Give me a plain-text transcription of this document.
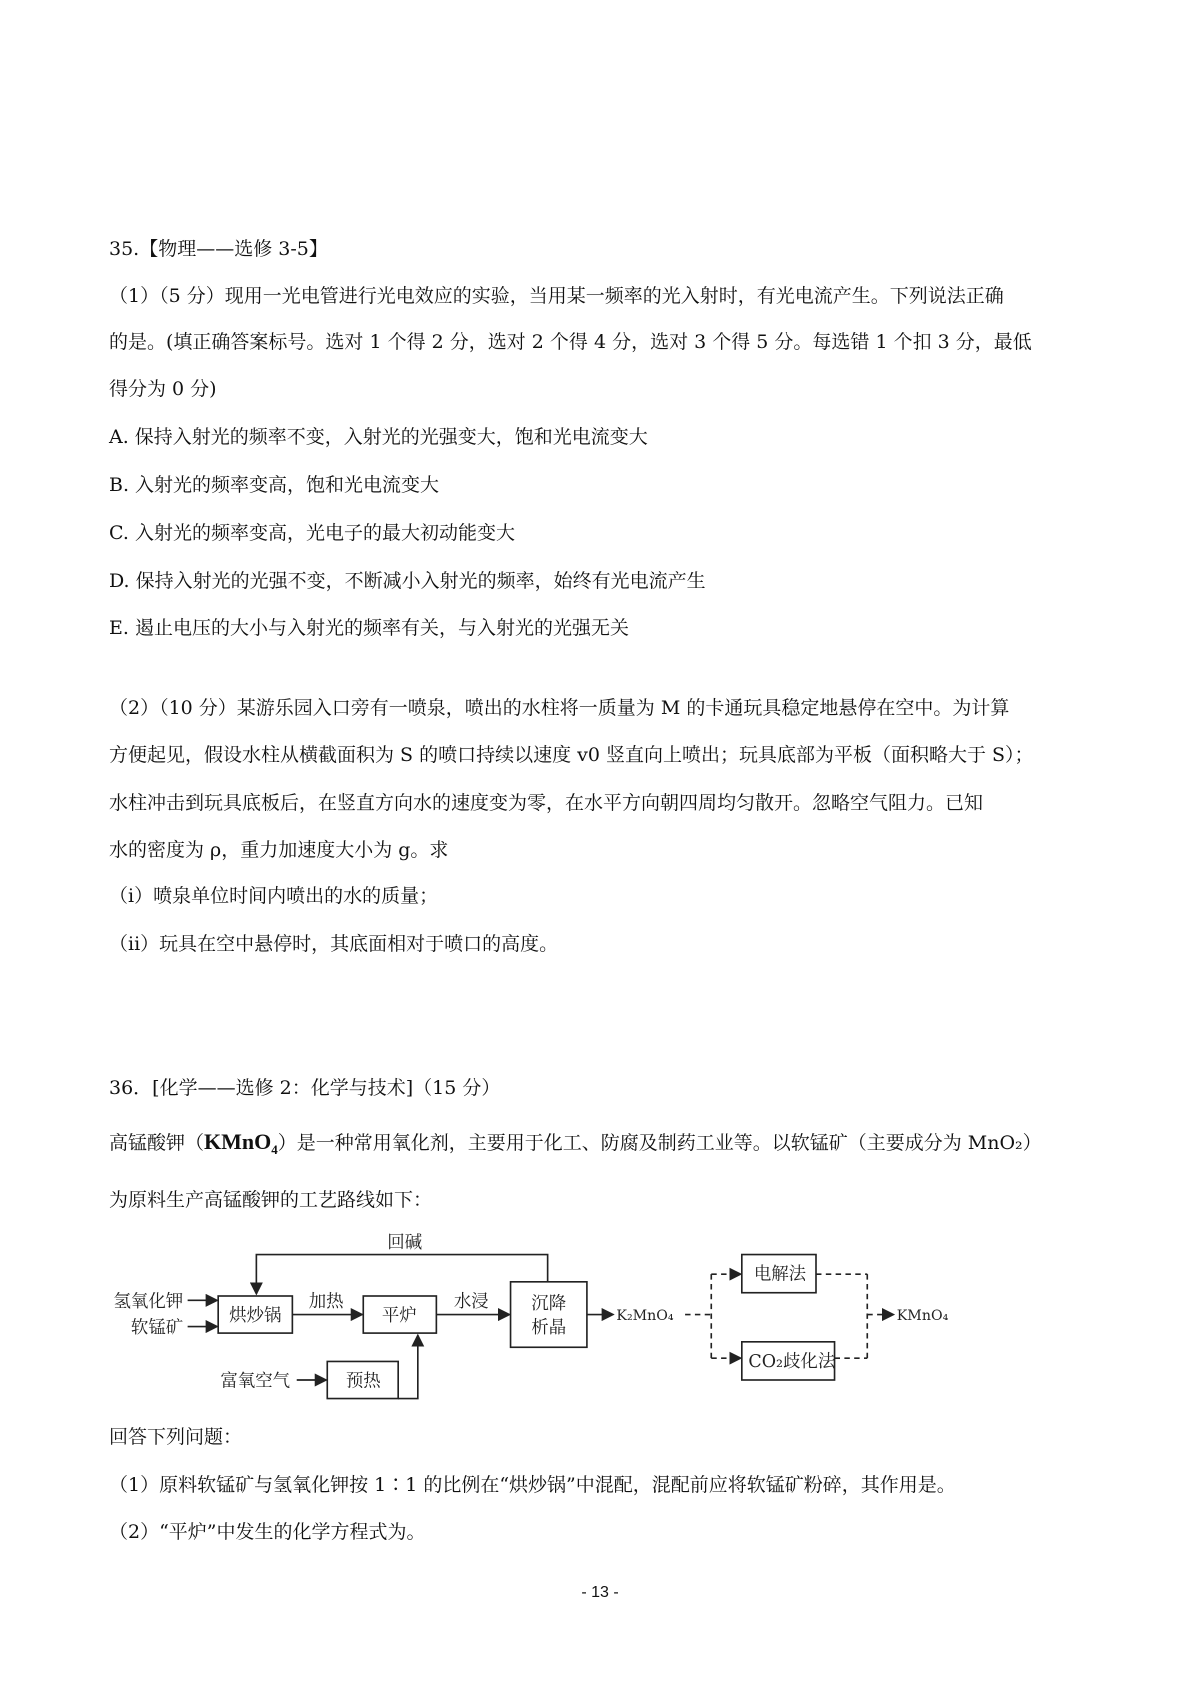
35.【物理——选修 3-5】
（1）（5 分）现用一光电管进行光电效应的实验，当用某一频率的光入射时，有光电流产生。下列说法正确
的是。(填正确答案标号。选对 1 个得 2 分，选对 2 个得 4 分，选对 3 个得 5 分。每选错 1 个扣 3 分，最低
得分为 0 分)
A. 保持入射光的频率不变，入射光的光强变大，饱和光电流变大
B. 入射光的频率变高，饱和光电流变大
C. 入射光的频率变高，光电子的最大初动能变大
D. 保持入射光的光强不变，不断减小入射光的频率，始终有光电流产生
E. 遏止电压的大小与入射光的频率有关，与入射光的光强无关
（2）（10 分）某游乐园入口旁有一喷泉，喷出的水柱将一质量为 M 的卡通玩具稳定地悬停在空中。为计算
方便起见，假设水柱从横截面积为 S 的喷口持续以速度 v0 竖直向上喷出；玩具底部为平板（面积略大于 S）；
水柱冲击到玩具底板后，在竖直方向水的速度变为零，在水平方向朝四周均匀散开。忽略空气阻力。已知
水的密度为 ρ，重力加速度大小为 g。求
（i）喷泉单位时间内喷出的水的质量；
（ii）玩具在空中悬停时，其底面相对于喷口的高度。
36．[化学——选修 2：化学与技术]（15 分）
高锰酸钾（KMnO$_4$）是一种常用氧化剂，主要用于化工、防腐及制药工业等。以软锰矿（主要成分为 MnO₂）
为原料生产高锰酸钾的工艺路线如下：
回碱
氢氧化钾
软锰矿
烘炒锅
加热
平炉
水浸	沉降
析晶
K₂MnO₄
电解法
CO₂歧化法
KMnO₄
富氧空气	预热
回答下列问题：
（1）原料软锰矿与氢氧化钾按 1∶1 的比例在“烘炒锅”中混配，混配前应将软锰矿粉碎，其作用是。
（2）“平炉”中发生的化学方程式为。
- 13 -
